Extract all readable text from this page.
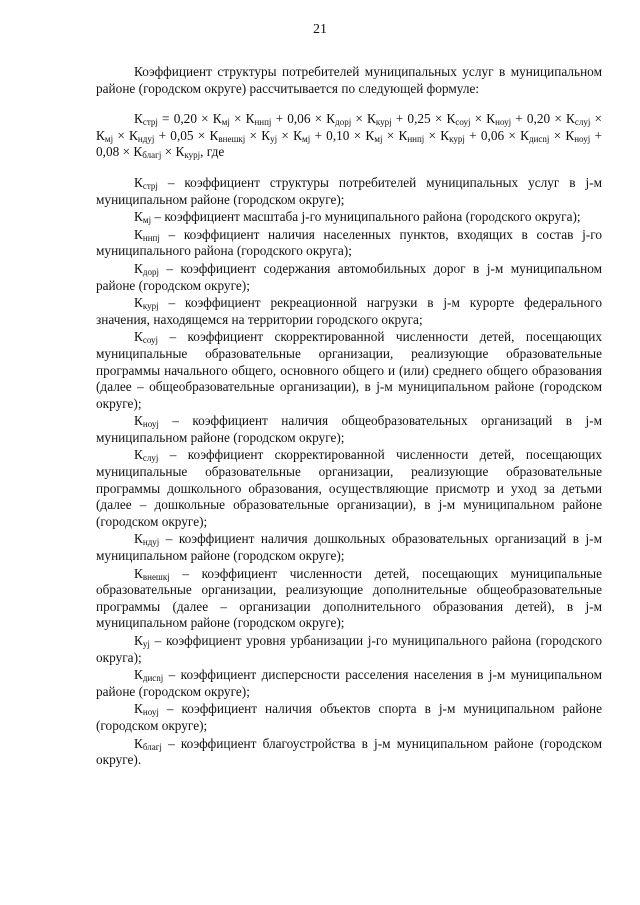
21

Коэффициент структуры потребителей муниципальных услуг в муниципальном районе (городском округе) рассчитывается по следующей формуле:

$К_{стрj} = 0,20 \times К_{мj} \times К_{ннпj} + 0,06 \times К_{дорj} \times К_{курj} + 0,25 \times К_{соуj} \times К_{ноуj} + 0,20 \times К_{слуj} \times К_{мj} \times К_{ндуj} + 0,05 \times К_{внешкj} \times К_{уj} \times К_{мj} + 0,10 \times К_{мj} \times К_{ннпj} \times К_{курj} + 0,06 \times К_{дисnj} \times К_{ноуj} + 0,08 \times К_{благj} \times К_{курj}$, где

$К_{стрj}$ – коэффициент структуры потребителей муниципальных услуг в j-м муниципальном районе (городском округе);

$К_{мj}$ – коэффициент масштаба j-го муниципального района (городского округа);

$К_{ннпj}$ – коэффициент наличия населенных пунктов, входящих в состав j-го муниципального района (городского округа);

$К_{дорj}$ – коэффициент содержания автомобильных дорог в j-м муниципальном районе (городском округе);

$К_{курj}$ – коэффициент рекреационной нагрузки в j-м курорте федерального значения, находящемся на территории городского округа;

$К_{соуj}$ – коэффициент скорректированной численности детей, посещающих муниципальные образовательные организации, реализующие образовательные программы начального общего, основного общего и (или) среднего общего образования (далее – общеобразовательные организации), в j-м муниципальном районе (городском округе);

$К_{ноуj}$ – коэффициент наличия общеобразовательных организаций в j-м муниципальном районе (городском округе);

$К_{слуj}$ – коэффициент скорректированной численности детей, посещающих муниципальные образовательные организации, реализующие образовательные программы дошкольного образования, осуществляющие присмотр и уход за детьми (далее – дошкольные образовательные организации), в j-м муниципальном районе (городском округе);

$К_{ндуj}$ – коэффициент наличия дошкольных образовательных организаций в j-м муниципальном районе (городском округе);

$К_{внешкj}$ – коэффициент численности детей, посещающих муниципальные образовательные организации, реализующие дополнительные общеобразовательные программы (далее – организации дополнительного образования детей), в j-м муниципальном районе (городском округе);

$К_{уj}$ – коэффициент уровня урбанизации j-го муниципального района (городского округа);

$К_{дисnj}$ – коэффициент дисперсности расселения населения в j-м муниципальном районе (городском округе);

$К_{ноуj}$ – коэффициент наличия объектов спорта в j-м муниципальном районе (городском округе);

$К_{благj}$ – коэффициент благоустройства в j-м муниципальном районе (городском округе).
